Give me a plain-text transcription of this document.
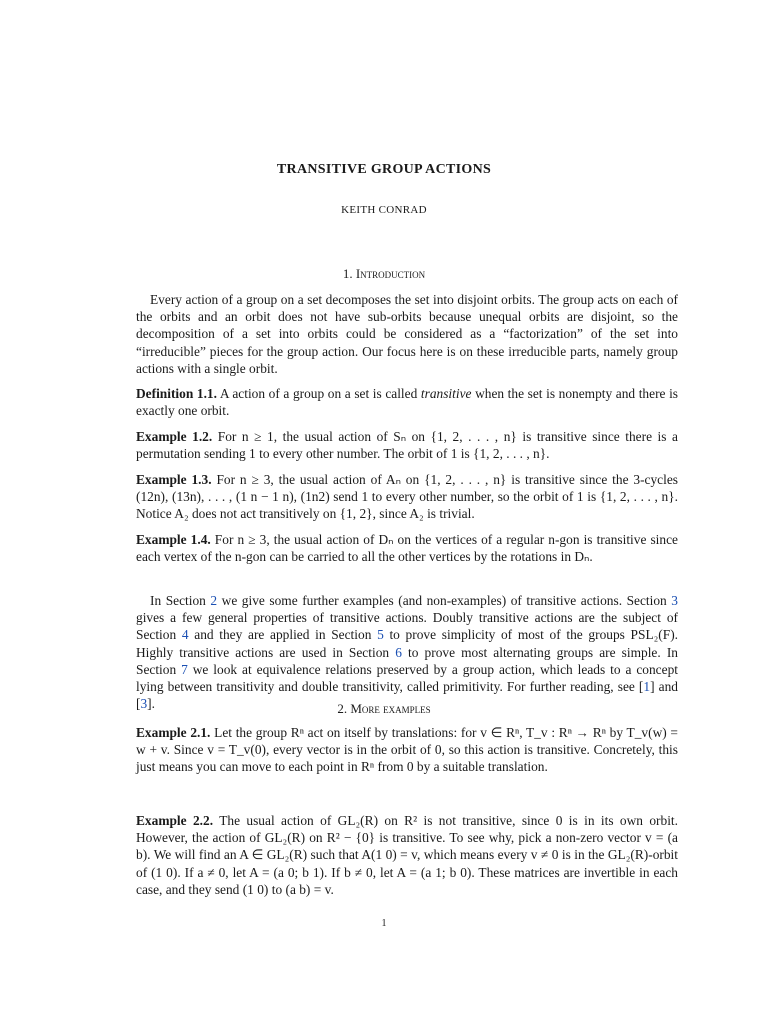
TRANSITIVE GROUP ACTIONS
KEITH CONRAD
1. Introduction
Every action of a group on a set decomposes the set into disjoint orbits. The group acts on each of the orbits and an orbit does not have sub-orbits because unequal orbits are disjoint, so the decomposition of a set into orbits could be considered as a “factorization” of the set into “irreducible” pieces for the group action. Our focus here is on these irreducible parts, namely group actions with a single orbit.
Definition 1.1. A action of a group on a set is called transitive when the set is nonempty and there is exactly one orbit.
Example 1.2. For n ≥ 1, the usual action of Sₙ on {1, 2, . . . , n} is transitive since there is a permutation sending 1 to every other number. The orbit of 1 is {1, 2, . . . , n}.
Example 1.3. For n ≥ 3, the usual action of Aₙ on {1, 2, . . . , n} is transitive since the 3-cycles (12n), (13n), . . . , (1 n − 1 n), (1n2) send 1 to every other number, so the orbit of 1 is {1, 2, . . . , n}. Notice A₂ does not act transitively on {1, 2}, since A₂ is trivial.
Example 1.4. For n ≥ 3, the usual action of Dₙ on the vertices of a regular n-gon is transitive since each vertex of the n-gon can be carried to all the other vertices by the rotations in Dₙ.
In Section 2 we give some further examples (and non-examples) of transitive actions. Section 3 gives a few general properties of transitive actions. Doubly transitive actions are the subject of Section 4 and they are applied in Section 5 to prove simplicity of most of the groups PSL₂(F). Highly transitive actions are used in Section 6 to prove most alternating groups are simple. In Section 7 we look at equivalence relations preserved by a group action, which leads to a concept lying between transitivity and double transitivity, called primitivity. For further reading, see [1] and [3].	2. More examples
Example 2.1. Let the group Rⁿ act on itself by translations: for v ∈ Rⁿ, T_v : Rⁿ → Rⁿ by T_v(w) = w + v. Since v = T_v(0), every vector is in the orbit of 0, so this action is transitive. Concretely, this just means you can move to each point in Rⁿ from 0 by a suitable translation.
Example 2.2. The usual action of GL₂(R) on R² is not transitive, since 0 is in its own orbit. However, the action of GL₂(R) on R² − {0} is transitive. To see why, pick a non-zero vector v = (a b). We will find an A ∈ GL₂(R) such that A(1 0) = v, which means every v ≠ 0 is in the GL₂(R)-orbit of (1 0). If a ≠ 0, let A = (a 0; b 1). If b ≠ 0, let A = (a 1; b 0). These matrices are invertible in each case, and they send (1 0) to (a b) = v.
1
